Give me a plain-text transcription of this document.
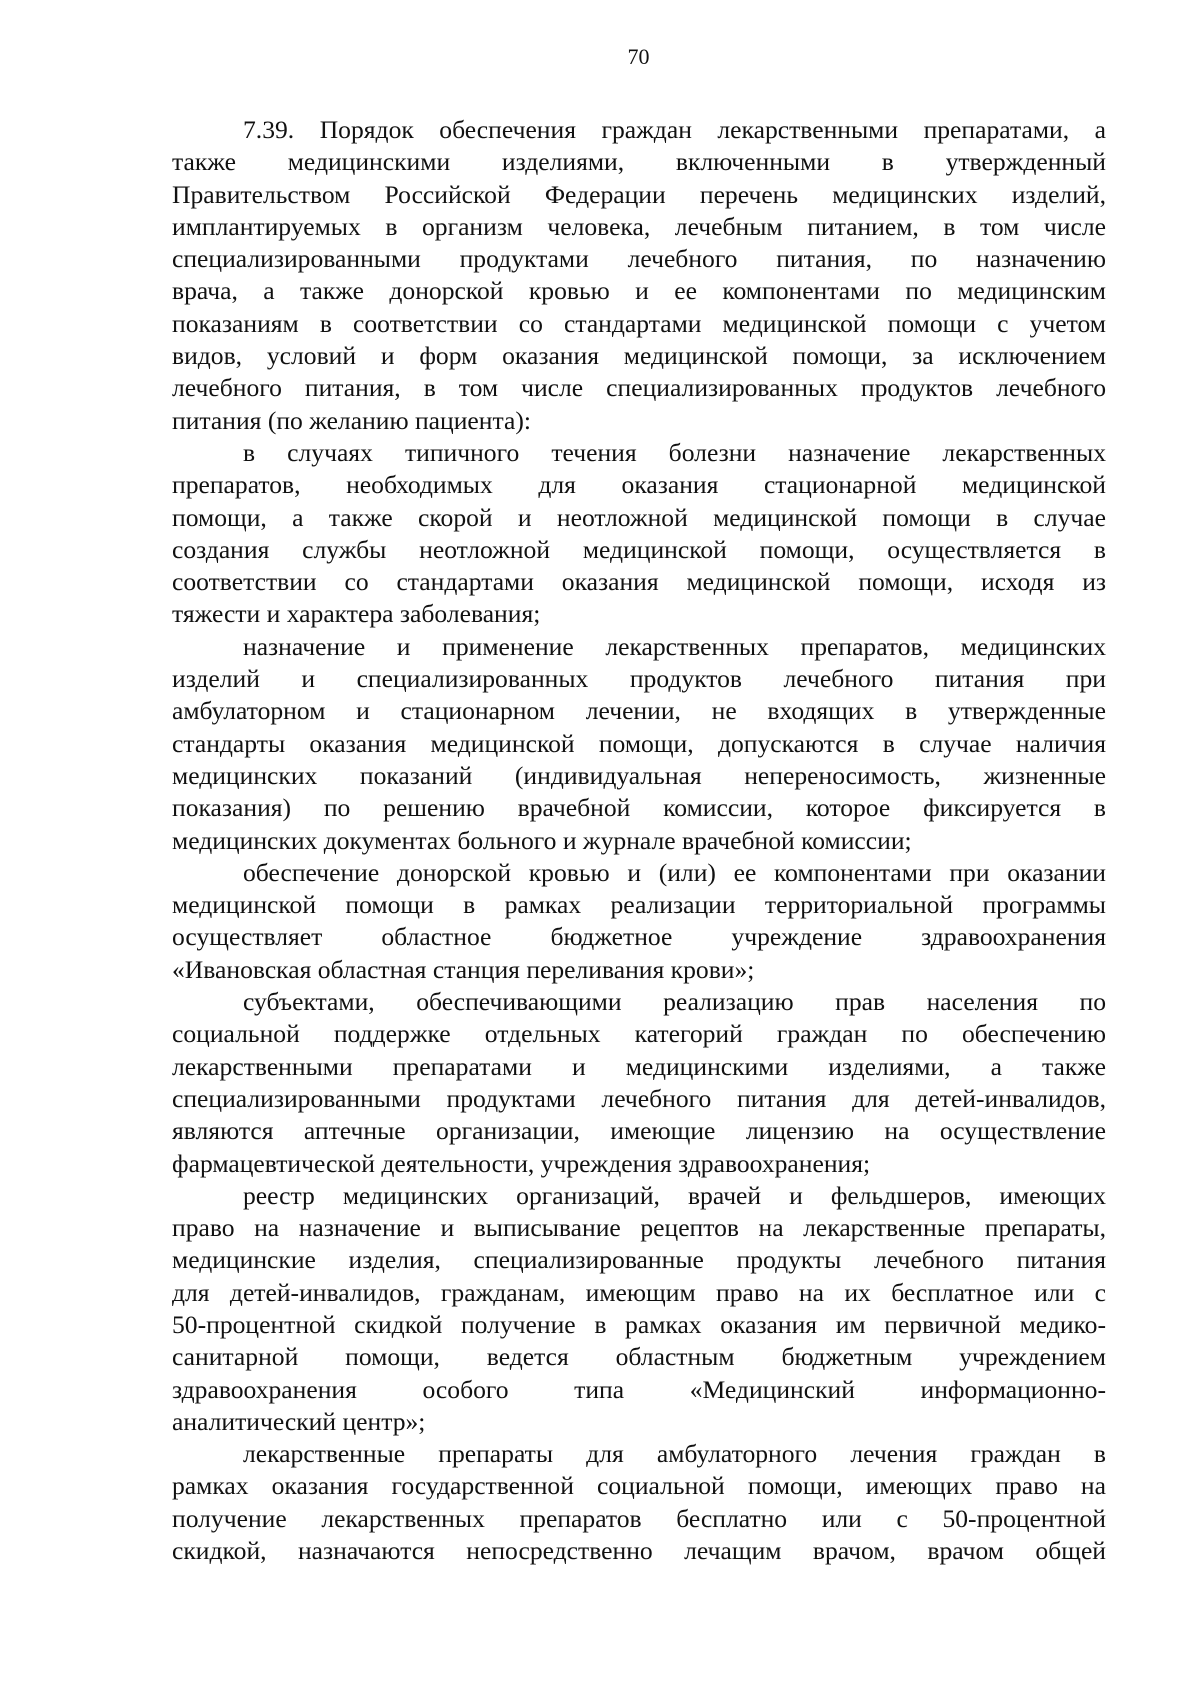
70
7.39. Порядок обеспечения граждан лекарственными препаратами, а
также медицинскими изделиями, включенными в утвержденный
Правительством Российской Федерации перечень медицинских изделий,
имплантируемых в организм человека, лечебным питанием, в том числе
специализированными продуктами лечебного питания, по назначению
врача, а также донорской кровью и ее компонентами по медицинским
показаниям в соответствии со стандартами медицинской помощи с учетом
видов, условий и форм оказания медицинской помощи, за исключением
лечебного питания, в том числе специализированных продуктов лечебного
питания (по желанию пациента):
в случаях типичного течения болезни назначение лекарственных
препаратов, необходимых для оказания стационарной медицинской
помощи, а также скорой и неотложной медицинской помощи в случае
создания службы неотложной медицинской помощи, осуществляется в
соответствии со стандартами оказания медицинской помощи, исходя из
тяжести и характера заболевания;
назначение и применение лекарственных препаратов, медицинских
изделий и специализированных продуктов лечебного питания при
амбулаторном и стационарном лечении, не входящих в утвержденные
стандарты оказания медицинской помощи, допускаются в случае наличия
медицинских показаний (индивидуальная непереносимость, жизненные
показания) по решению врачебной комиссии, которое фиксируется в
медицинских документах больного и журнале врачебной комиссии;
обеспечение донорской кровью и (или) ее компонентами при оказании
медицинской помощи в рамках реализации территориальной программы
осуществляет областное бюджетное учреждение здравоохранения
«Ивановская областная станция переливания крови»;
субъектами, обеспечивающими реализацию прав населения по
социальной поддержке отдельных категорий граждан по обеспечению
лекарственными препаратами и медицинскими изделиями, а также
специализированными продуктами лечебного питания для детей-инвалидов,
являются аптечные организации, имеющие лицензию на осуществление
фармацевтической деятельности, учреждения здравоохранения;
реестр медицинских организаций, врачей и фельдшеров, имеющих
право на назначение и выписывание рецептов на лекарственные препараты,
медицинские изделия, специализированные продукты лечебного питания
для детей-инвалидов, гражданам, имеющим право на их бесплатное или с
50-процентной скидкой получение в рамках оказания им первичной медико-
санитарной помощи, ведется областным бюджетным учреждением
здравоохранения особого типа «Медицинский информационно-
аналитический центр»;
лекарственные препараты для амбулаторного лечения граждан в
рамках оказания государственной социальной помощи, имеющих право на
получение лекарственных препаратов бесплатно или с 50-процентной
скидкой, назначаются непосредственно лечащим врачом, врачом общей
